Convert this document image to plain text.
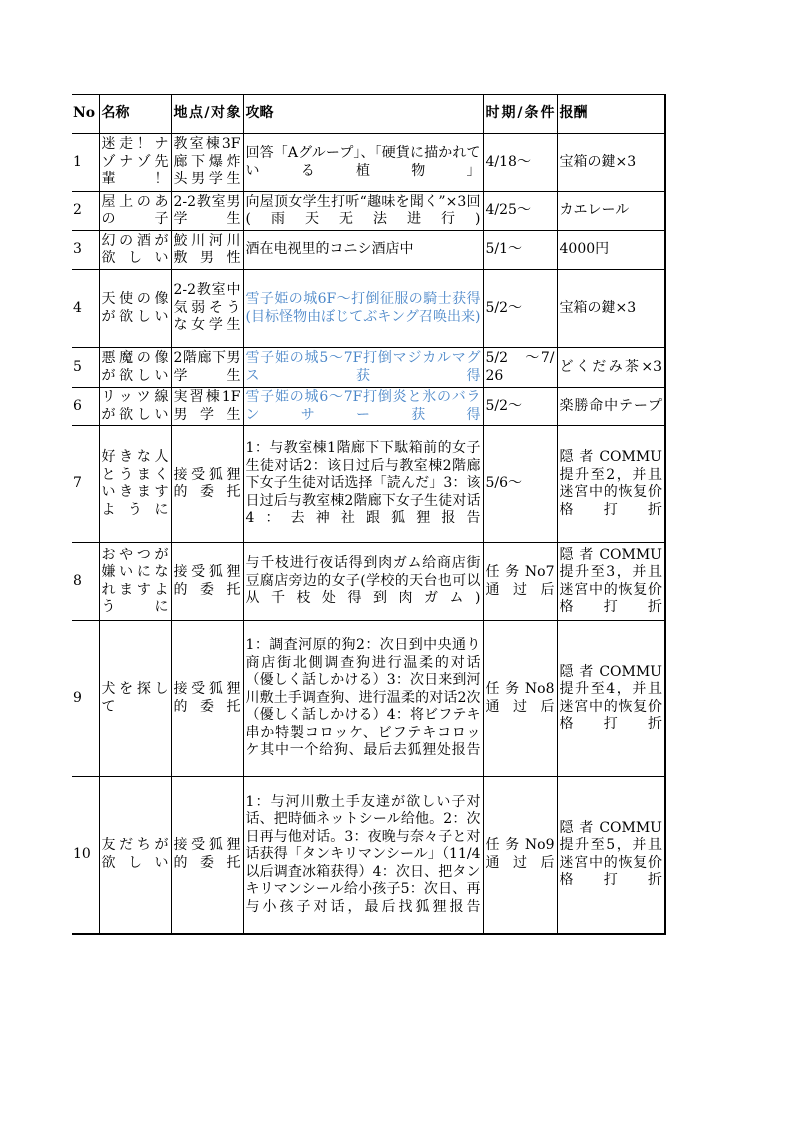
No	名称	地点/对象	攻略	时期/条件	报酬
1	迷走！ナゾナゾ先輩！	教室棟3F廊下爆炸头男学生	回答「Aグループ」、「硬貨に描かれている植物」	4/18～	宝箱の鍵×3
2	屋上のあの子	2-2教室男学生	向屋顶女学生打听“趣味を聞く”×3回(雨天无法进行)	4/25～	カエレール
3	幻の酒が欲しい	鮫川河川敷男性	酒在电视里的コニシ酒店中	5/1～	4000円
4	天使の像が欲しい	2-2教室中気弱そうな女学生	雪子姫の城6F～打倒征服の騎士获得(目标怪物由ぼじてぶキング召唤出来)	5/2～	宝箱の鍵×3
5	悪魔の像が欲しい	2階廊下男学生	雪子姫の城5～7F打倒マジカルマグス获得	5/2　～7/26	どくだみ茶×3
6	リッツ線が欲しい	実習棟1F男学生	雪子姫の城6～7F打倒炎と氷のバランサー获得	5/2～	楽勝命中テープ
7	好きな人とうまくいきますように	接受狐狸的委托	1：与教室棟1階廊下下駄箱前的女子生徒对话2：该日过后与教室棟2階廊下女子生徒对话选择「読んだ」3：该日过后与教室棟2階廊下女子生徒对话4：去神社跟狐狸报告	5/6～	隠者COMMU提升至2，并且迷宮中的恢复价格打折
8	おやつが嫌いになれますように	接受狐狸的委托	与千枝进行夜话得到肉ガム给商店街豆腐店旁边的女子(学校的天台也可以从千枝处得到肉ガム)	任务No7通过后	隠者COMMU提升至3，并且迷宮中的恢复价格打折
9	犬を探して	接受狐狸的委托	1：調査河原的狗2：次日到中央通り商店街北側调查狗进行温柔的对话（優しく話しかける）3：次日来到河川敷土手调查狗、进行温柔的对话2次（優しく話しかける）4：将ビフテキ串か特製コロッケ、ビフテキコロッケ其中一个给狗、最后去狐狸处报告	任务No8通过后	隠者COMMU提升至4，并且迷宮中的恢复价格打折
10	友だちが欲しい	接受狐狸的委托	1：与河川敷土手友達が欲しい子对话、把時価ネットシール给他。2：次日再与他对话。3：夜晚与奈々子と对话获得「タンキリマンシール」（11/4以后调査冰箱获得）4：次日、把タンキリマンシール给小孩子5：次日、再与小孩子对话，最后找狐狸报告	任务No9通过后	隠者COMMU提升至5，并且迷宮中的恢复价格打折
